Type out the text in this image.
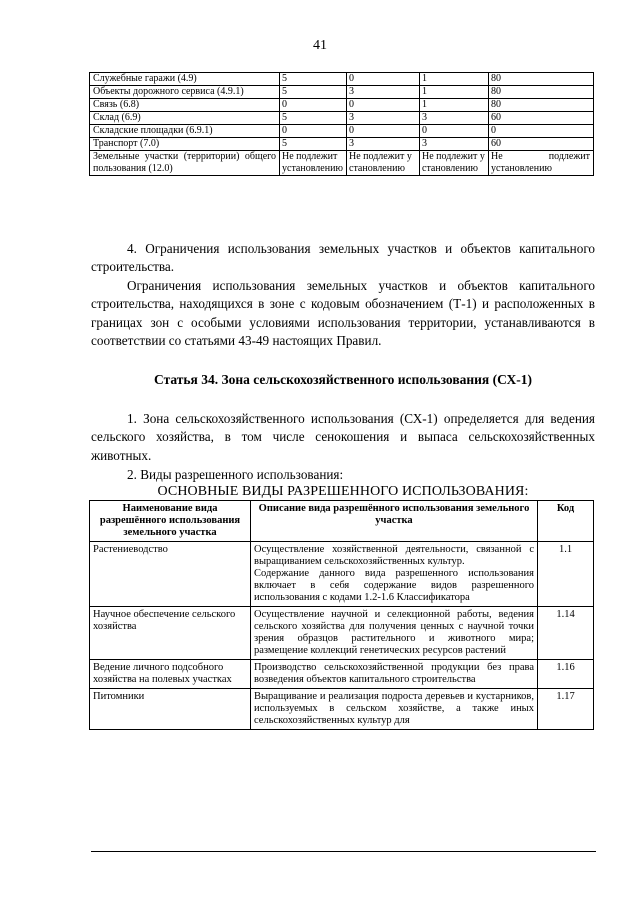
41
Служебные гаражи (4.9)	5	0	1	80
Объекты дорожного сервиса (4.9.1)	5	3	1	80
Связь (6.8)	0	0	1	80
Склад (6.9)	5	3	3	60
Складские площадки (6.9.1)	0	0	0	0
Транспорт (7.0)	5	3	3	60
Земельные участки (территории) общего пользования (12.0)	Не подлежит установлению	Не подлежит установлению	Не подлежит установлению	Не подлежит установлению

4. Ограничения использования земельных участков и объектов капитального строительства.

Ограничения использования земельных участков и объектов капитального строительства, находящихся в зоне с кодовым обозначением (Т-1) и расположенных в границах зон с особыми условиями использования территории, устанавливаются в соответствии со статьями 43-49 настоящих Правил.

Статья 34. Зона сельскохозяйственного использования (СХ-1)

1. Зона сельскохозяйственного использования (СХ-1) определяется для ведения сельского хозяйства, в том числе сенокошения и выпаса сельскохозяйственных животных.

2. Виды разрешенного использования:

ОСНОВНЫЕ ВИДЫ РАЗРЕШЕННОГО ИСПОЛЬЗОВАНИЯ:

Наименование вида разрешённого использования земельного участка	Описание вида разрешённого использования земельного участка	Код
Растениеводство	Осуществление хозяйственной деятельности, связанной с выращиванием сельскохозяйственных культур.

Содержание данного вида разрешенного использования включает в себя содержание видов разрешенного использования с кодами 1.2-1.6 Классификатора	1.1
Научное обеспечение сельского хозяйства	Осуществление научной и селекционной работы, ведения сельского хозяйства для получения ценных с научной точки зрения образцов растительного и животного мира; размещение коллекций генетических ресурсов растений	1.14
Ведение личного подсобного хозяйства на полевых участках	Производство сельскохозяйственной продукции без права возведения объектов капитального строительства	1.16
Питомники	Выращивание и реализация подроста деревьев и кустарников, используемых в сельском хозяйстве, а также иных сельскохозяйственных культур для	1.17
